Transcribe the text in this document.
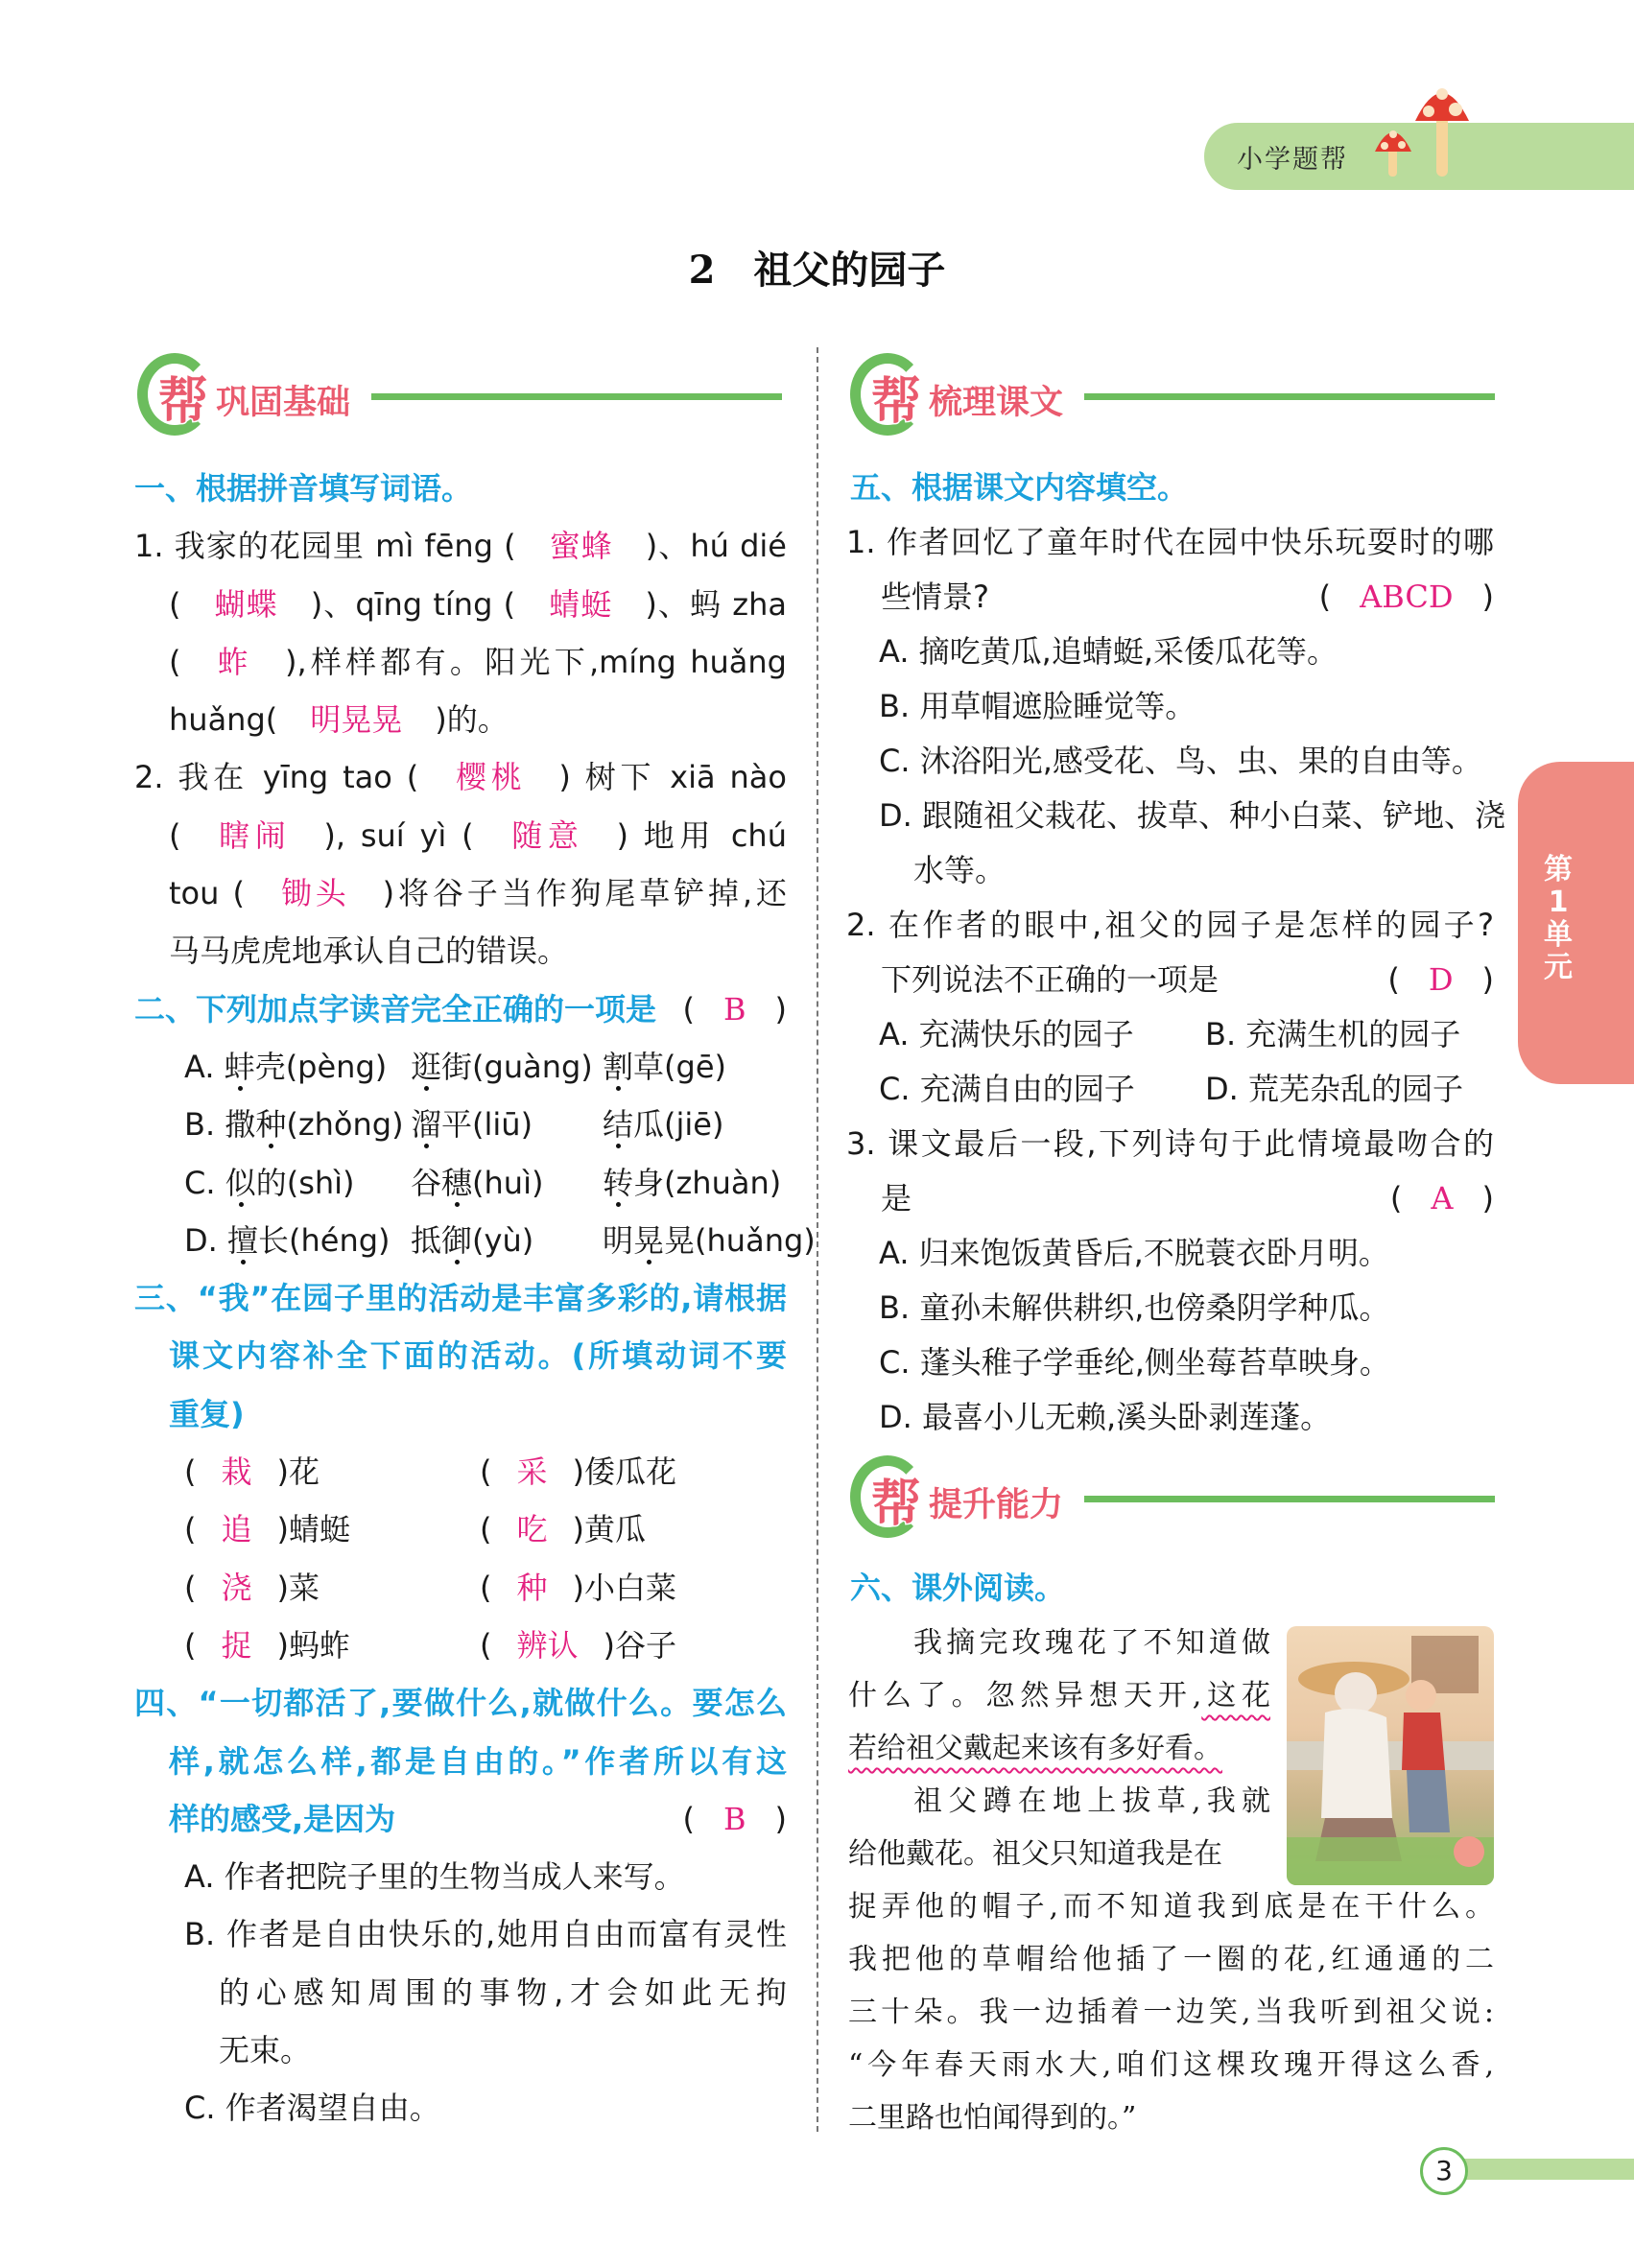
小学题帮
2 祖父的园子
帮 巩固基础	帮 梳理课文
帮 提升能力
一、根据拼音填写词语。
1. 我家的花园里 mì fēng ( 蜜蜂 )、hú dié
( 蝴蝶 )、qīng tíng ( 蜻蜓 )、蚂 zha
( 蚱 ),样样都有。阳光下,míng huǎng
huǎng( 明晃晃 )的。
2. 我在 yīng tao ( 樱桃 ) 树下 xiā nào
( 瞎闹 ), suí yì ( 随意 ) 地用 chú
tou ( 锄头 )将谷子当作狗尾草铲掉,还
马马虎虎地承认自己的错误。
二、下列加点字读音完全正确的一项是 ( B )
A. 蚌壳(pèng) 逛街(guàng) 割草(gē)
B. 撒种(zhǒng) 溜平(liū)	结瓜(jiē)
C. 似的(shì)	谷穗(huì)	转身(zhuàn)
D. 擅长(héng) 抵御(yù)	明晃晃(huǎng)
三、“我”在园子里的活动是丰富多彩的,请根据
课文内容补全下面的活动。(所填动词不要
重复)
( 栽 )花	( 采 )倭瓜花
( 追 )蜻蜓	( 吃 )黄瓜
( 浇 )菜	( 种 )小白菜
( 捉 )蚂蚱	( 辨认 )谷子
四、“一切都活了,要做什么,就做什么。要怎么
样,就怎么样,都是自由的。”作者所以有这
样的感受,是因为	( B )
A. 作者把院子里的生物当成人来写。
B. 作者是自由快乐的,她用自由而富有灵性
的心感知周围的事物,才会如此无拘
无束。
C. 作者渴望自由。
五、根据课文内容填空。
1. 作者回忆了童年时代在园中快乐玩耍时的哪
些情景?	( ABCD )
A. 摘吃黄瓜,追蜻蜓,采倭瓜花等。
B. 用草帽遮脸睡觉等。
C. 沐浴阳光,感受花、鸟、虫、果的自由等。
D. 跟随祖父栽花、拔草、种小白菜、铲地、浇
水等。
2. 在作者的眼中,祖父的园子是怎样的园子?
下列说法不正确的一项是	( D )
A. 充满快乐的园子	B. 充满生机的园子
C. 充满自由的园子	D. 荒芜杂乱的园子
3. 课文最后一段,下列诗句于此情境最吻合的
是	( A )
A. 归来饱饭黄昏后,不脱蓑衣卧月明。
B. 童孙未解供耕织,也傍桑阴学种瓜。
C. 蓬头稚子学垂纶,侧坐莓苔草映身。
D. 最喜小儿无赖,溪头卧剥莲蓬。
六、课外阅读。
我摘完玫瑰花了不知道做
什么了。忽然异想天开,这花
若给祖父戴起来该有多好看。
祖父蹲在地上拔草,我就
给他戴花。祖父只知道我是在
捉弄他的帽子,而不知道我到底是在干什么。
我把他的草帽给他插了一圈的花,红通通的二
三十朵。我一边插着一边笑,当我听到祖父说:
“今年春天雨水大,咱们这棵玫瑰开得这么香,
二里路也怕闻得到的。”
第1单元
3
